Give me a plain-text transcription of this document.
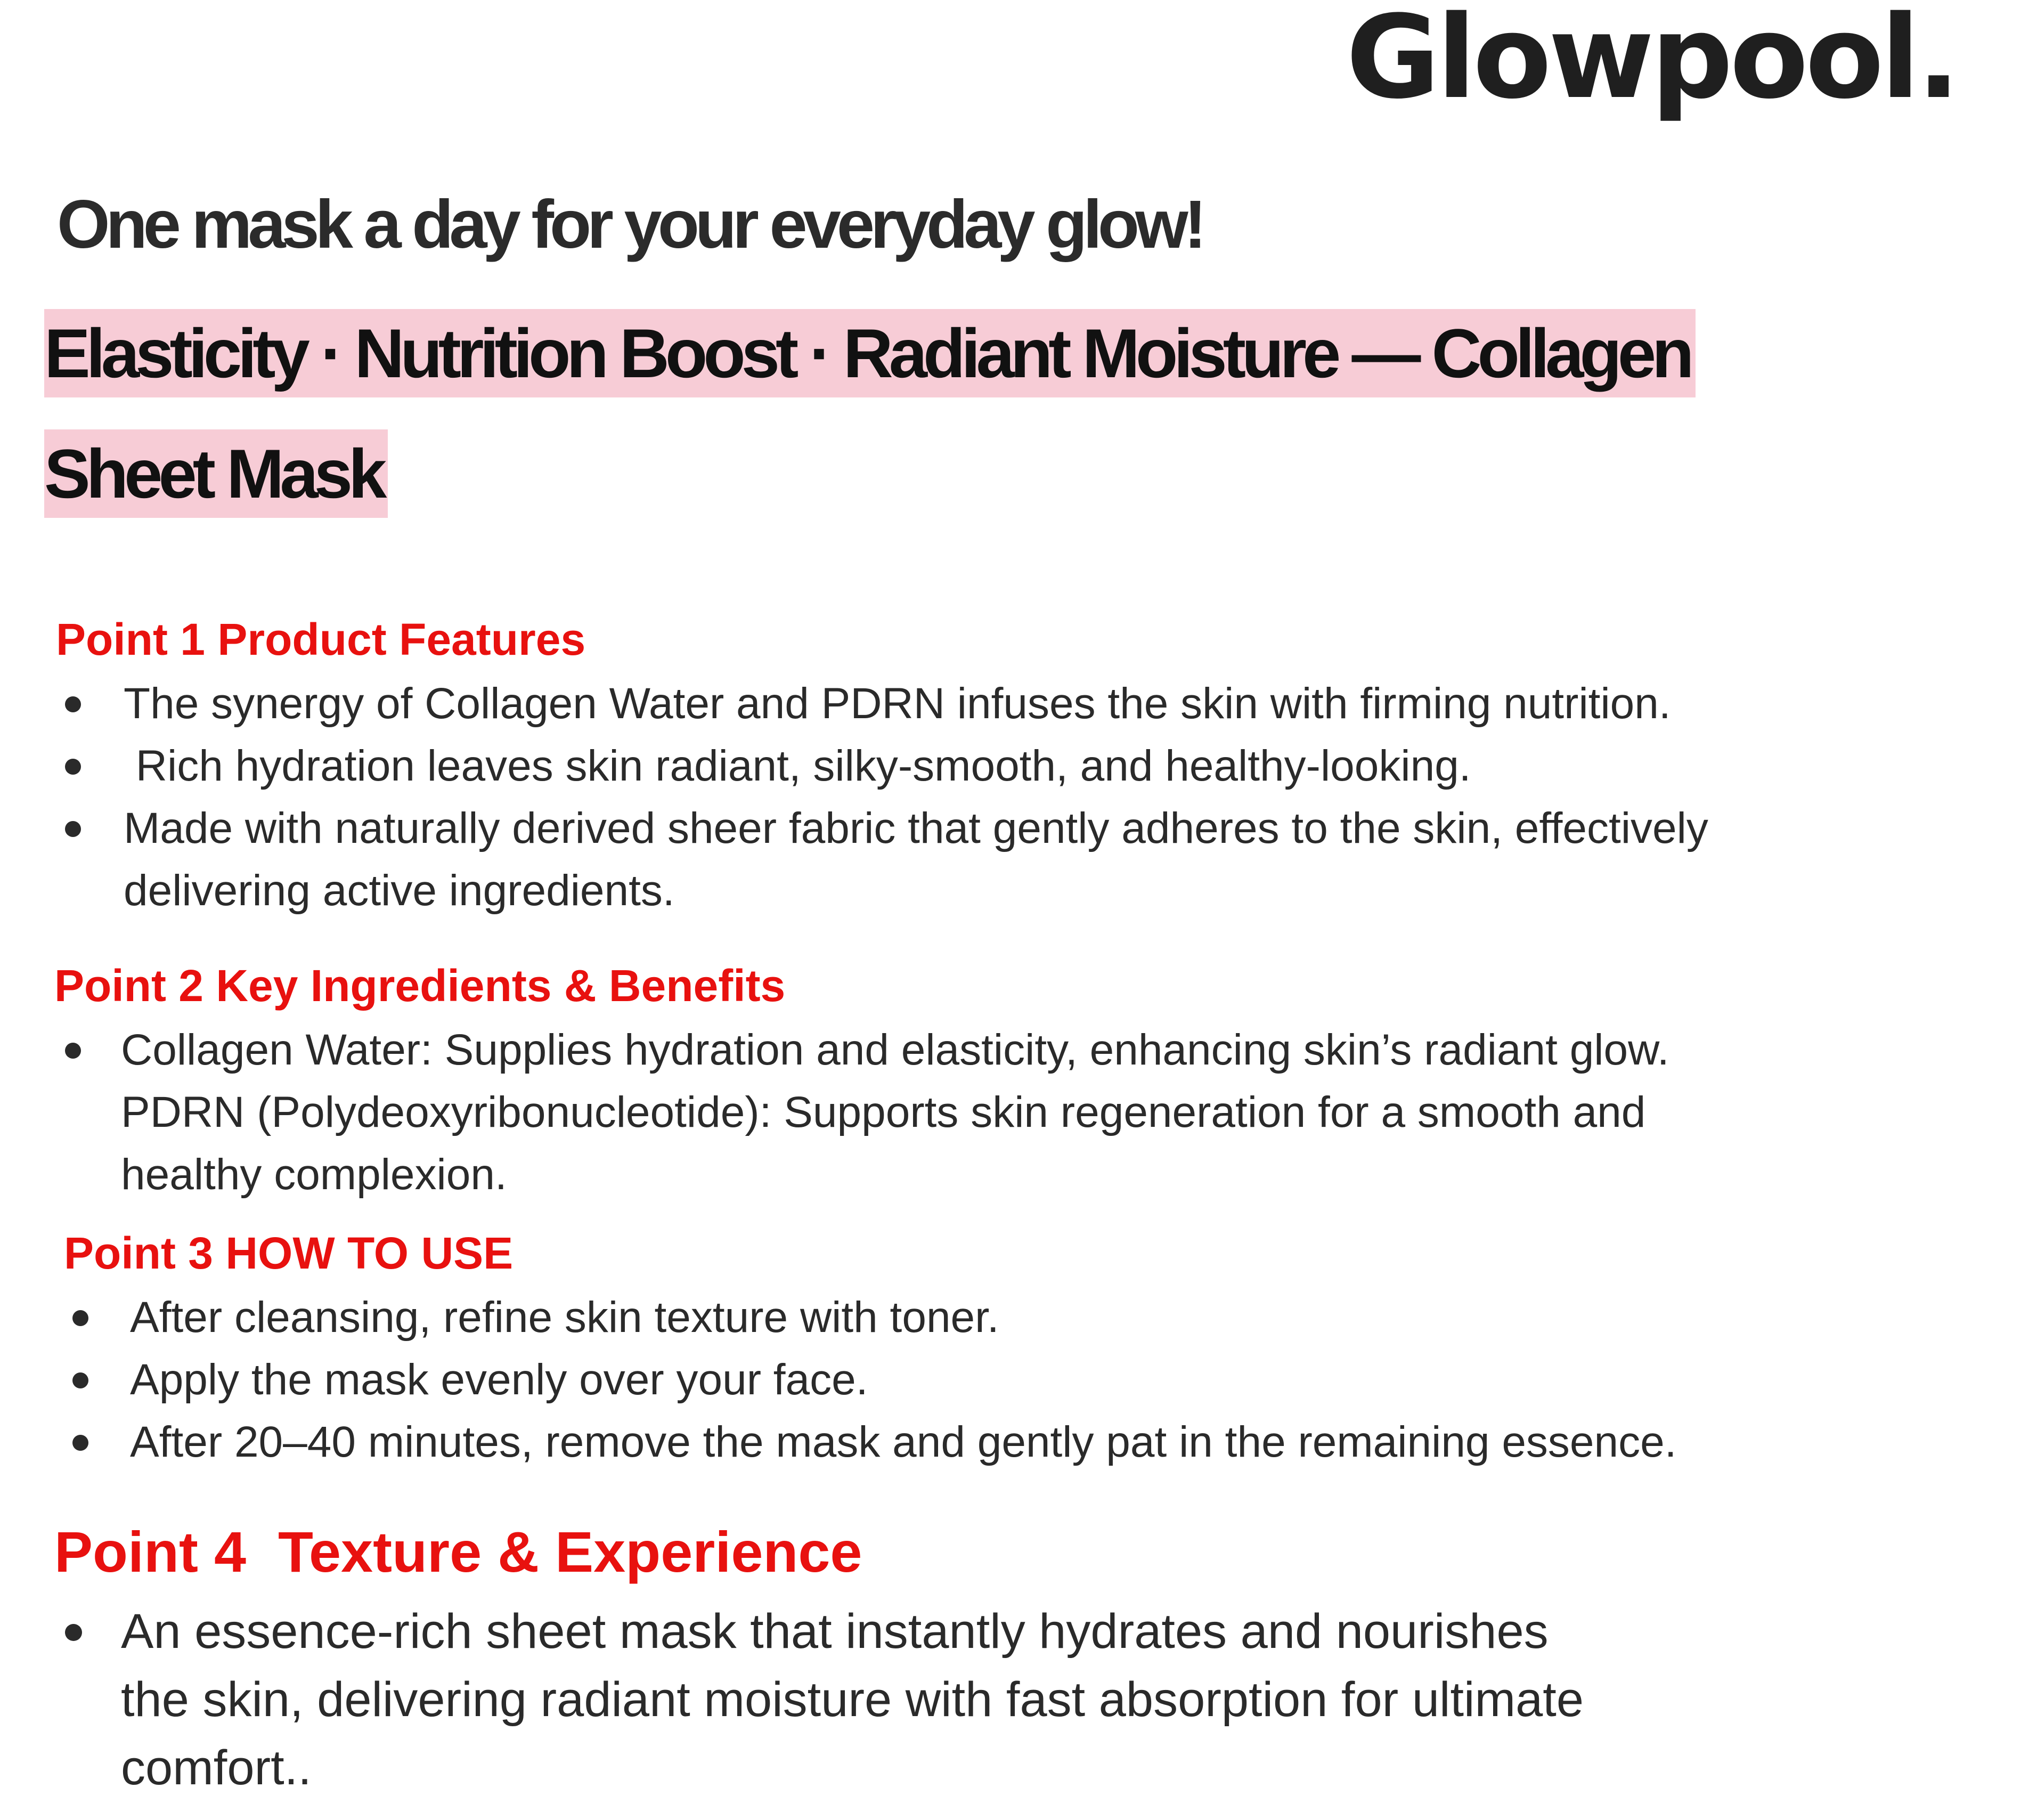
Glowpool.
One mask a day for your everyday glow!
Elasticity · Nutrition Boost · Radiant Moisture — Collagen
Sheet Mask
Point 1 Product Features
The synergy of Collagen Water and PDRN infuses the skin with firming nutrition.
Rich hydration leaves skin radiant, silky-smooth, and healthy-looking.
Made with naturally derived sheer fabric that gently adheres to the skin, effectively
delivering active ingredients.
Point 2 Key Ingredients & Benefits
Collagen Water: Supplies hydration and elasticity, enhancing skin’s radiant glow.
PDRN (Polydeoxyribonucleotide): Supports skin regeneration for a smooth and
healthy complexion.
Point 3 HOW TO USE
After cleansing, refine skin texture with toner.
Apply the mask evenly over your face.
After 20–40 minutes, remove the mask and gently pat in the remaining essence.
Point 4  Texture & Experience
An essence-rich sheet mask that instantly hydrates and nourishes
the skin, delivering radiant moisture with fast absorption for ultimate
comfort..
